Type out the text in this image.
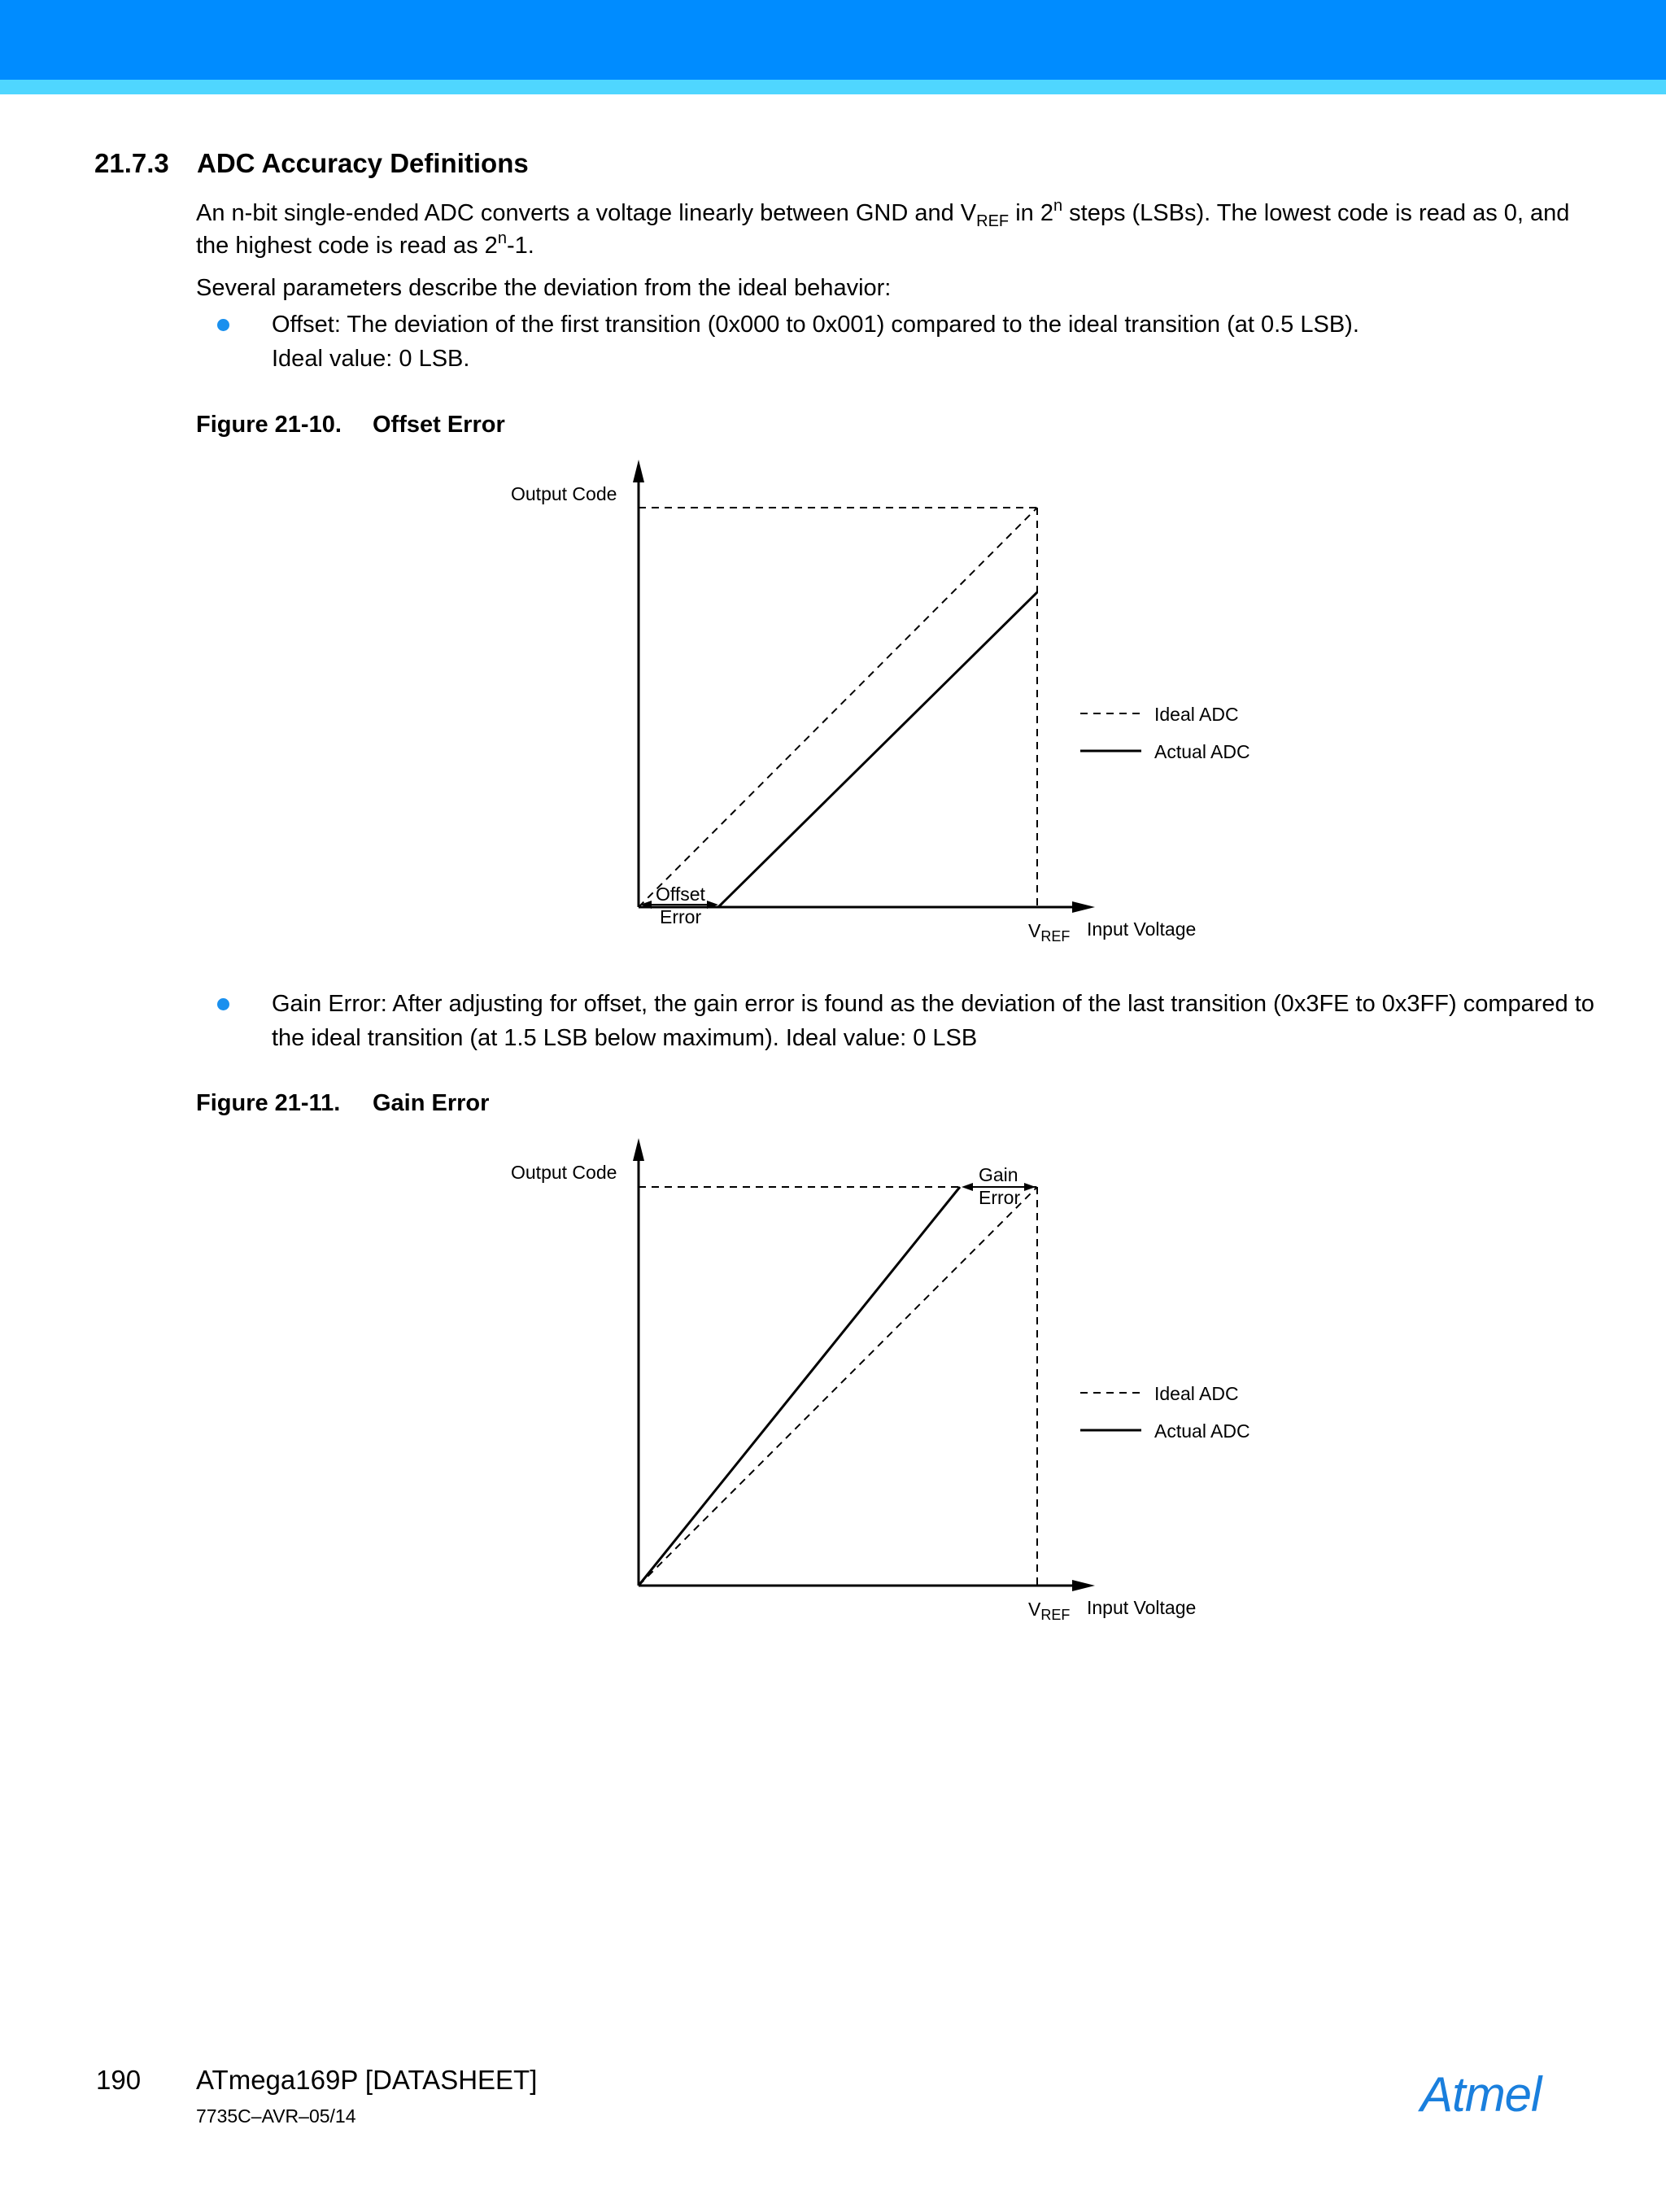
21.7.3 ADC Accuracy Definitions
An n-bit single-ended ADC converts a voltage linearly between GND and $V_{REF}$ in 2$^n$ steps (LSBs). The lowest code is read as 0, and the highest code is read as 2$^n$-1.
Several parameters describe the deviation from the ideal behavior:
Offset: The deviation of the first transition (0x000 to 0x001) compared to the ideal transition (at 0.5 LSB).
Ideal value: 0 LSB.
Figure 21-10. Offset Error
Output Code
Offset
Error
$V_{REF}$ Input Voltage
Ideal ADC
Actual ADC
Gain Error: After adjusting for offset, the gain error is found as the deviation of the last transition (0x3FE to 0x3FF) compared to the ideal transition (at 1.5 LSB below maximum). Ideal value: 0 LSB
Figure 21-11. Gain Error
Output Code	Gain
Error
$V_{REF}$ Input Voltage
Ideal ADC
Actual ADC
190 ATmega169P [DATASHEET]
7735C–AVR–05/14	Atmel
